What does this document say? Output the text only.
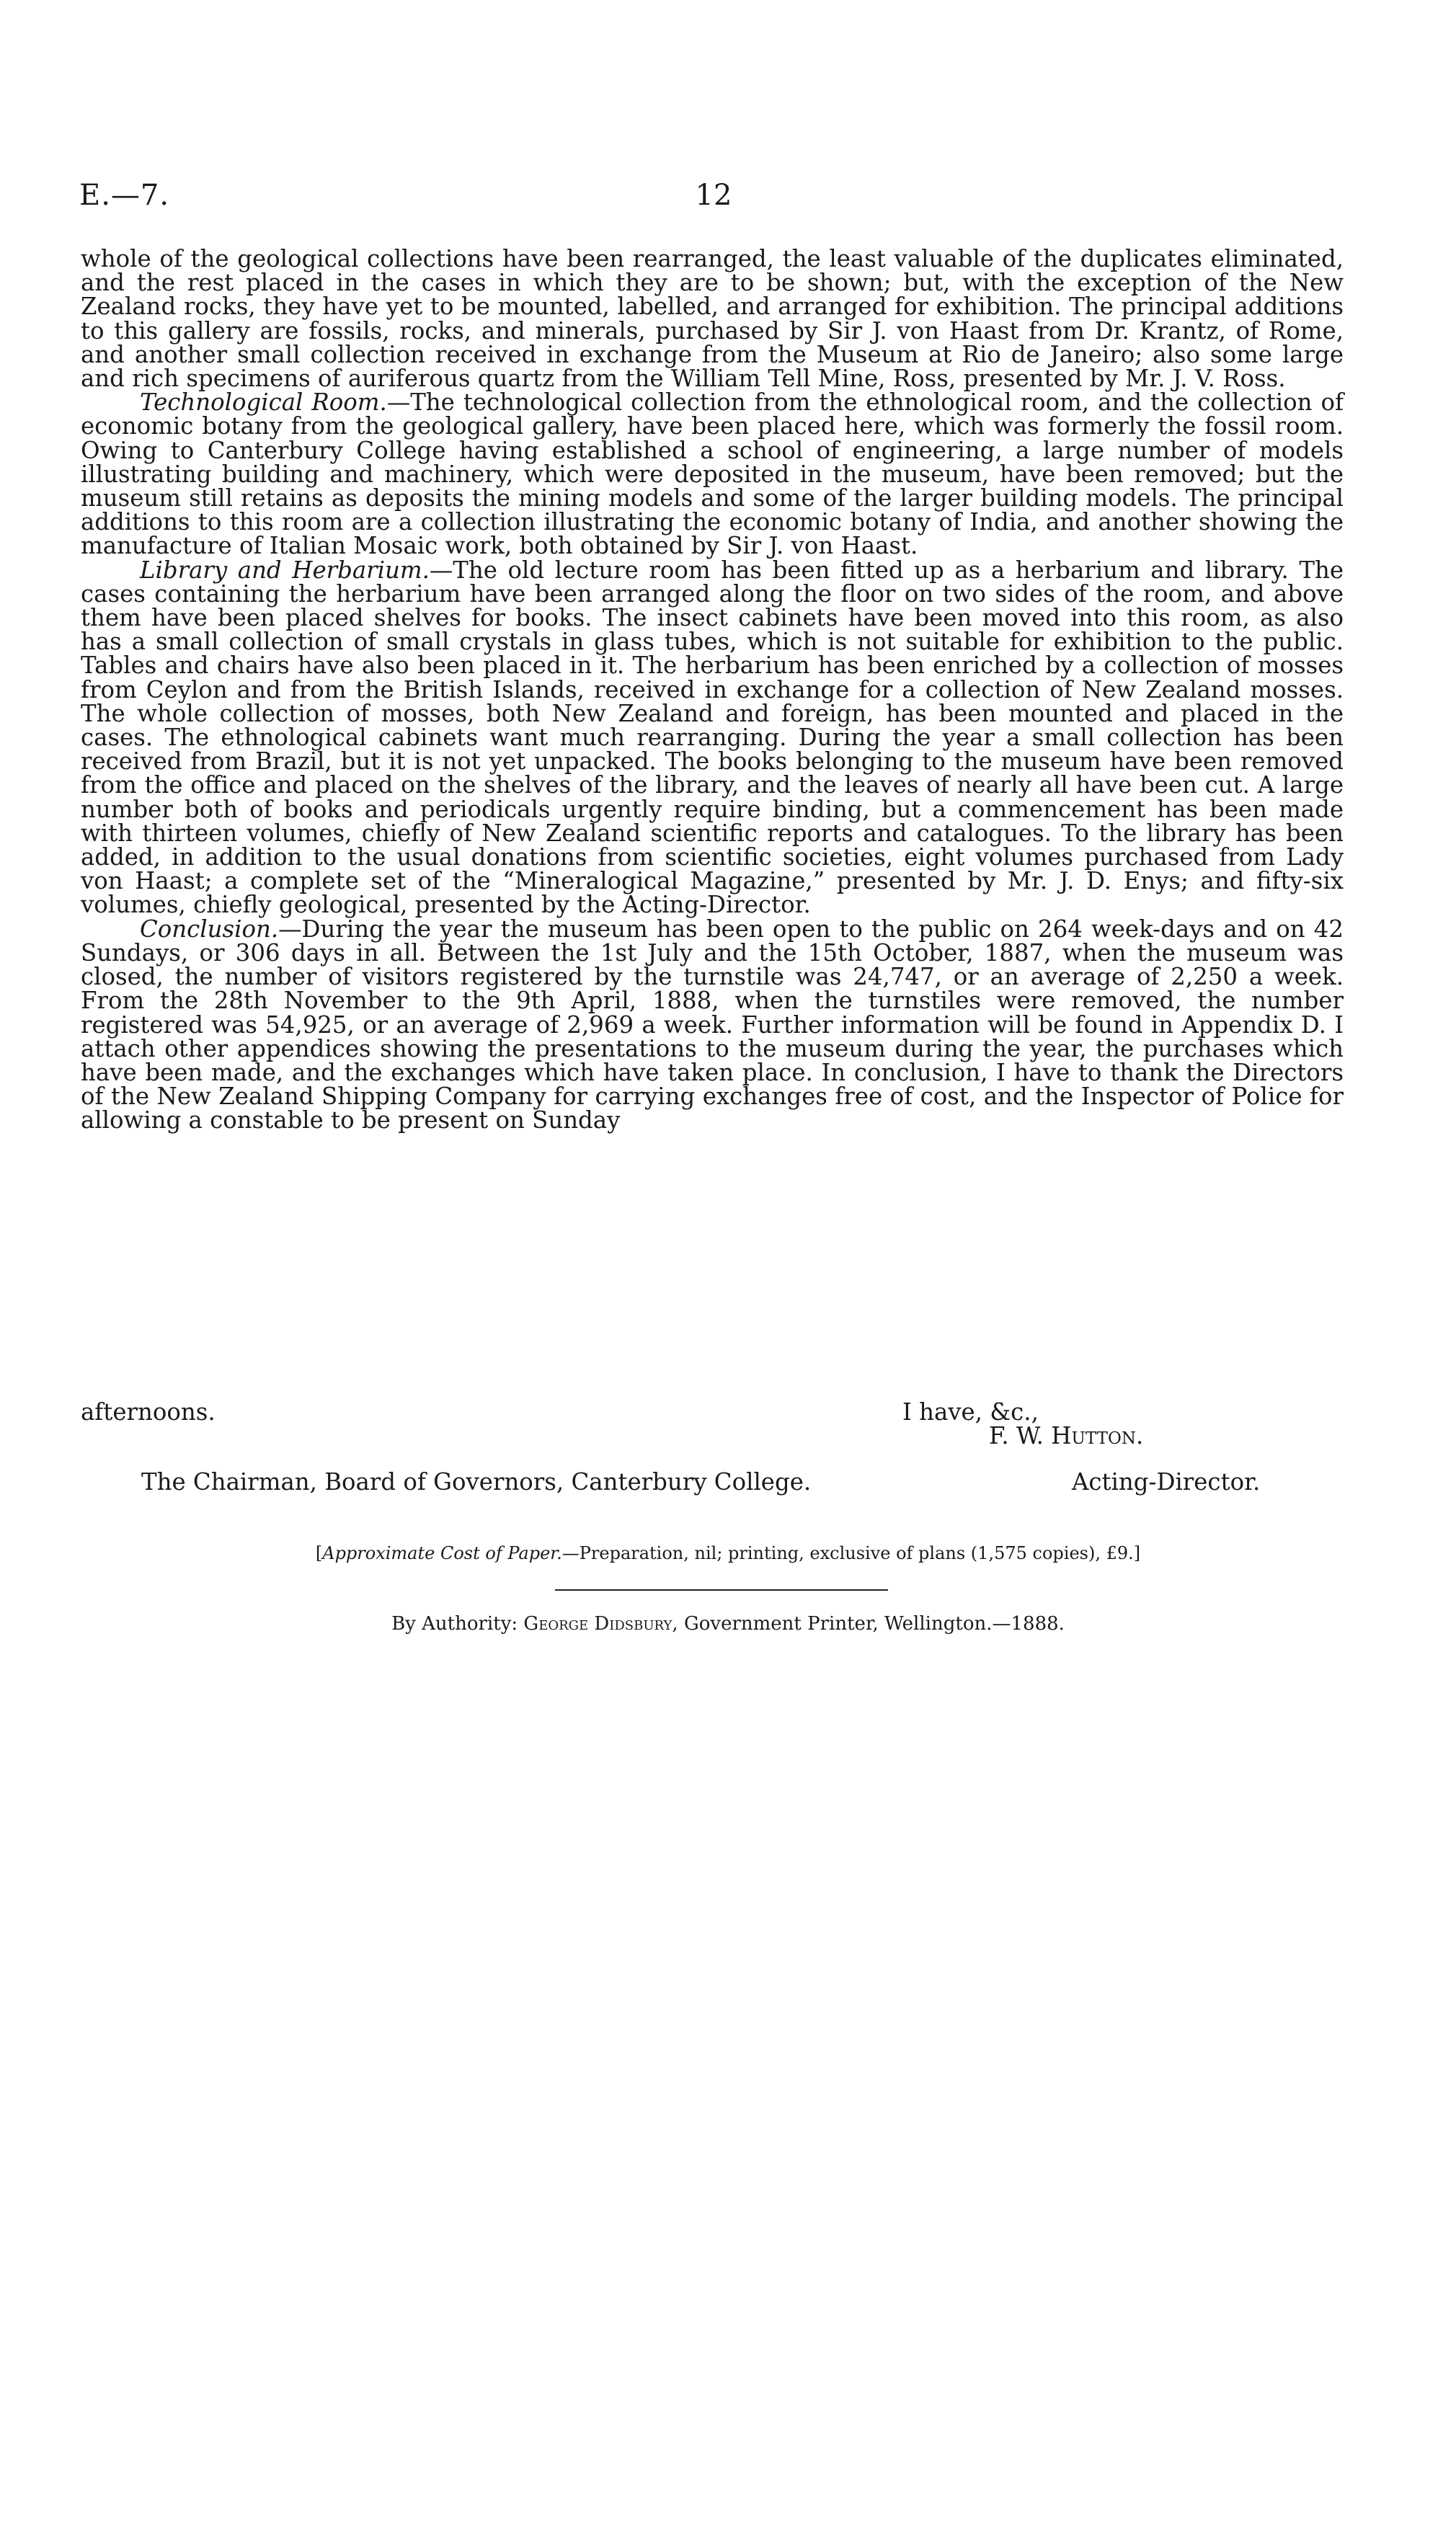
E.—7.	12

whole of the geological collections have been rearranged, the least valuable of the duplicates eliminated, and the rest placed in the cases in which they are to be shown; but, with the exception of the New Zealand rocks, they have yet to be mounted, labelled, and arranged for exhibition. The principal additions to this gallery are fossils, rocks, and minerals, purchased by Sir J. von Haast from Dr. Krantz, of Rome, and another small collection received in exchange from the Museum at Rio de Janeiro; also some large and rich specimens of auriferous quartz from the William Tell Mine, Ross, presented by Mr. J. V. Ross.

Technological Room.—The technological collection from the ethnological room, and the collection of economic botany from the geological gallery, have been placed here, which was formerly the fossil room. Owing to Canterbury College having established a school of engineering, a large number of models illustrating building and machinery, which were deposited in the museum, have been removed; but the museum still retains as deposits the mining models and some of the larger building models. The principal additions to this room are a collection illustrating the economic botany of India, and another showing the manufacture of Italian Mosaic work, both obtained by Sir J. von Haast.

Library and Herbarium.—The old lecture room has been fitted up as a herbarium and library. The cases containing the herbarium have been arranged along the floor on two sides of the room, and above them have been placed shelves for books. The insect cabinets have been moved into this room, as also has a small collection of small crystals in glass tubes, which is not suitable for exhibition to the public. Tables and chairs have also been placed in it. The herbarium has been enriched by a collection of mosses from Ceylon and from the British Islands, received in exchange for a collection of New Zealand mosses. The whole collection of mosses, both New Zealand and foreign, has been mounted and placed in the cases. The ethnological cabinets want much rearranging. During the year a small collection has been received from Brazil, but it is not yet unpacked. The books belonging to the museum have been removed from the office and placed on the shelves of the library, and the leaves of nearly all have been cut. A large number both of books and periodicals urgently require binding, but a commencement has been made with thirteen volumes, chiefly of New Zealand scientific reports and catalogues. To the library has been added, in addition to the usual donations from scientific societies, eight volumes purchased from Lady von Haast; a complete set of the “Mineralogical Magazine,” presented by Mr. J. D. Enys; and fifty-six volumes, chiefly geological, presented by the Acting-Director.

Conclusion.—During the year the museum has been open to the public on 264 week-days and on 42 Sundays, or 306 days in all. Between the 1st July and the 15th October, 1887, when the museum was closed, the number of visitors registered by the turnstile was 24,747, or an average of 2,250 a week. From the 28th November to the 9th April, 1888, when the turnstiles were removed, the number registered was 54,925, or an average of 2,969 a week. Further information will be found in Appendix D. I attach other appendices showing the presentations to the museum during the year, the purchases which have been made, and the exchanges which have taken place. In conclusion, I have to thank the Directors of the New Zealand Shipping Company for carrying exchanges free of cost, and the Inspector of Police for allowing a constable to be present on Sunday

afternoons.	I have, &c.,
F. W. Hutton.
The Chairman, Board of Governors, Canterbury College.	Acting-Director.
[Approximate Cost of Paper.—Preparation, nil; printing, exclusive of plans (1,575 copies), £9.]
By Authority: George Didsbury, Government Printer, Wellington.—1888.
